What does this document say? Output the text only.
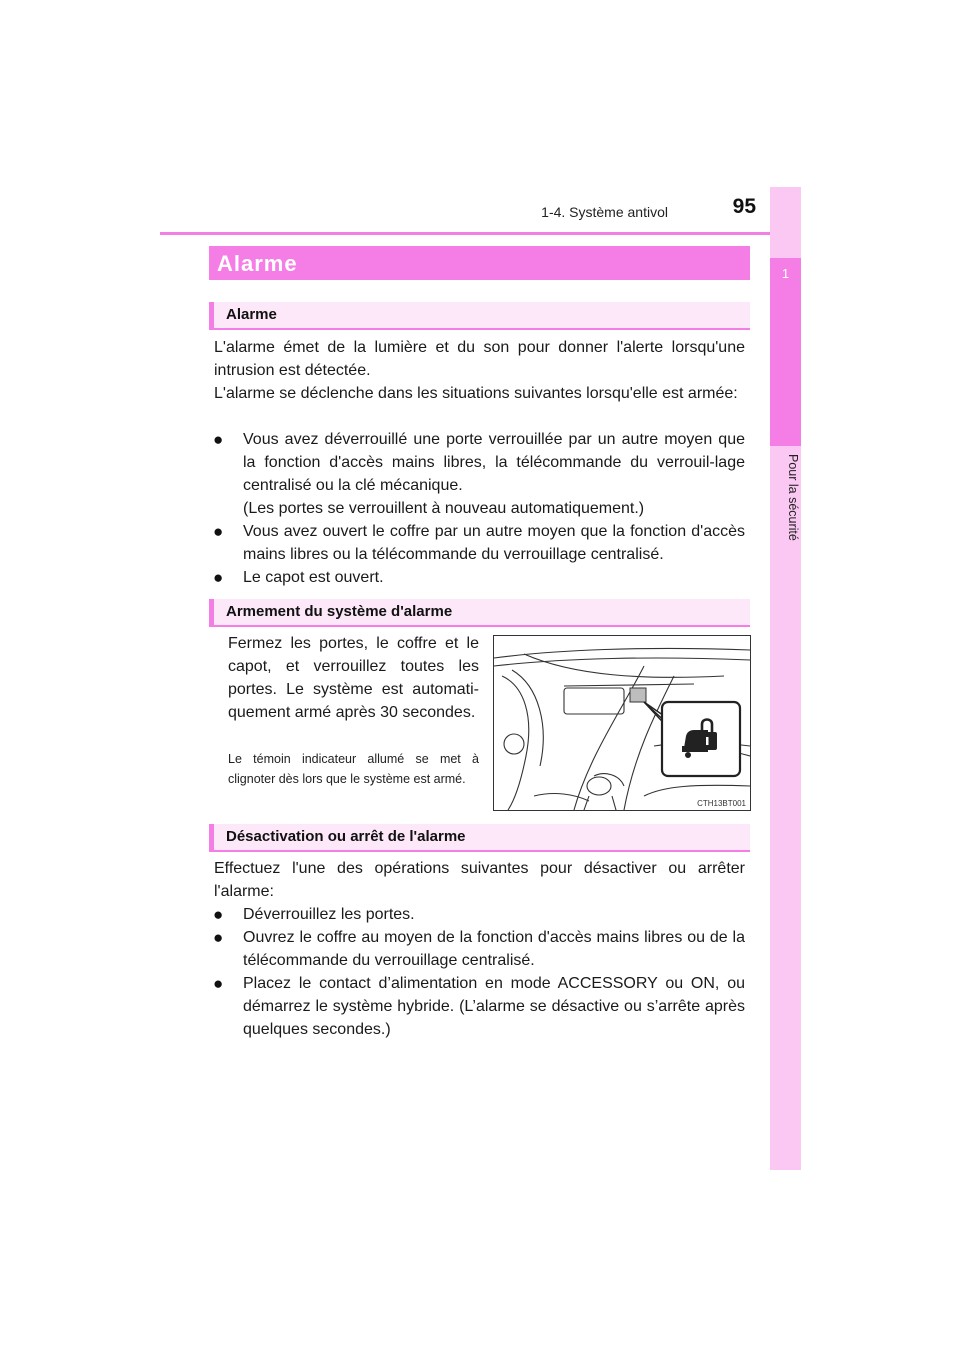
1-4. Système antivol	95
1
Pour la sécurité
Alarme
Alarme
L'alarme émet de la lumière et du son pour donner l'alerte lorsqu'une intrusion est détectée.
L'alarme se déclenche dans les situations suivantes lorsqu'elle est armée:
● Vous avez déverrouillé une porte verrouillée par un autre moyen que la fonction d'accès mains libres, la télécommande du verrouil-lage centralisé ou la clé mécanique.
(Les portes se verrouillent à nouveau automatiquement.)
● Vous avez ouvert le coffre par un autre moyen que la fonction d'accès mains libres ou la télécommande du verrouillage centralisé.
● Le capot est ouvert.
Armement du système d'alarme
Fermez les portes, le coffre et le capot, et verrouillez toutes les portes. Le système est automati-quement armé après 30 secondes.
Le témoin indicateur allumé se met à clignoter dès lors que le système est armé.
CTH13BT001
Désactivation ou arrêt de l'alarme
Effectuez l'une des opérations suivantes pour désactiver ou arrêter l'alarme:
● Déverrouillez les portes.
● Ouvrez le coffre au moyen de la fonction d'accès mains libres ou de la télécommande du verrouillage centralisé.
● Placez le contact d’alimentation en mode ACCESSORY ou ON, ou démarrez le système hybride. (L’alarme se désactive ou s’arrête après quelques secondes.)
